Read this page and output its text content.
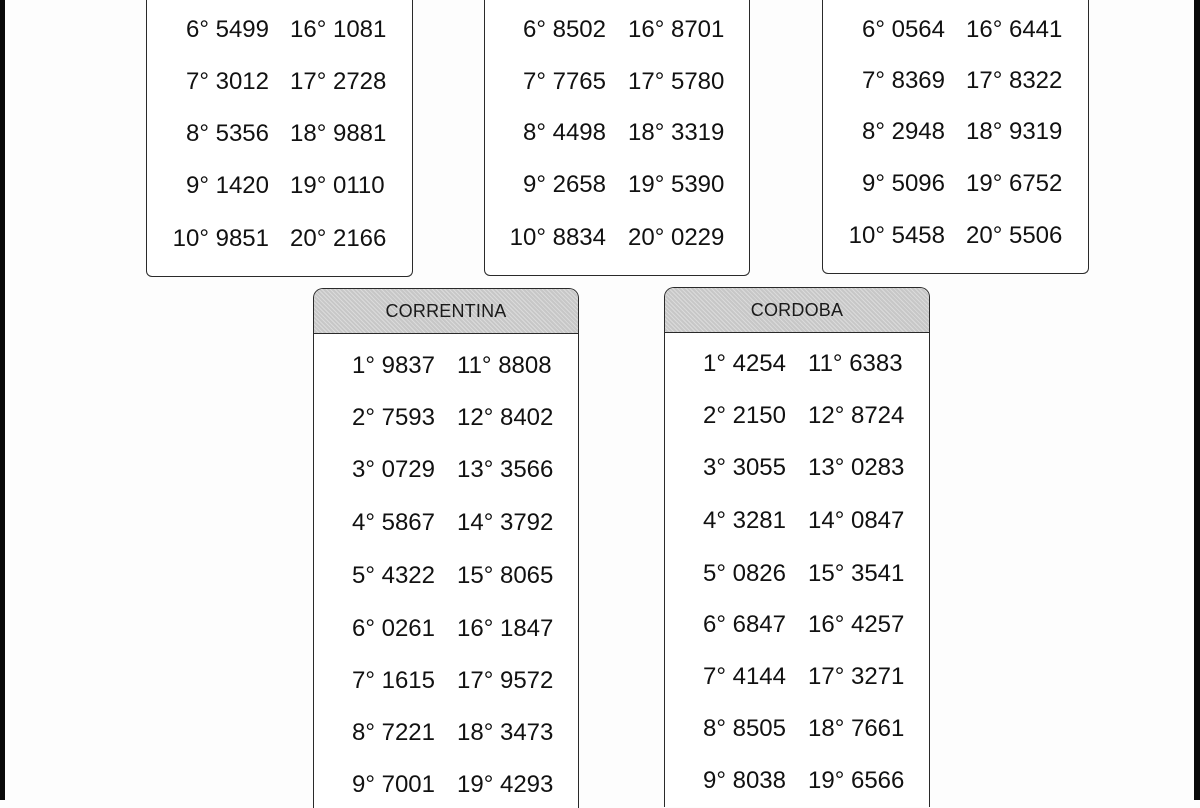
6° 5499 16° 1081
7° 3012 17° 2728
8° 5356 18° 9881
9° 1420 19° 0110
10° 9851 20° 2166
6° 8502 16° 8701
7° 7765 17° 5780
8° 4498 18° 3319
9° 2658 19° 5390
10° 8834 20° 0229
6° 0564 16° 6441
7° 8369 17° 8322
8° 2948 18° 9319
9° 5096 19° 6752
10° 5458 20° 5506
CORRENTINA
1° 9837 11° 8808
2° 7593 12° 8402
3° 0729 13° 3566
4° 5867 14° 3792
5° 4322 15° 8065
6° 0261 16° 1847
7° 1615 17° 9572
8° 7221 18° 3473
9° 7001 19° 4293
CORDOBA
1° 4254 11° 6383
2° 2150 12° 8724
3° 3055 13° 0283
4° 3281 14° 0847
5° 0826 15° 3541
6° 6847 16° 4257
7° 4144 17° 3271
8° 8505 18° 7661
9° 8038 19° 6566
